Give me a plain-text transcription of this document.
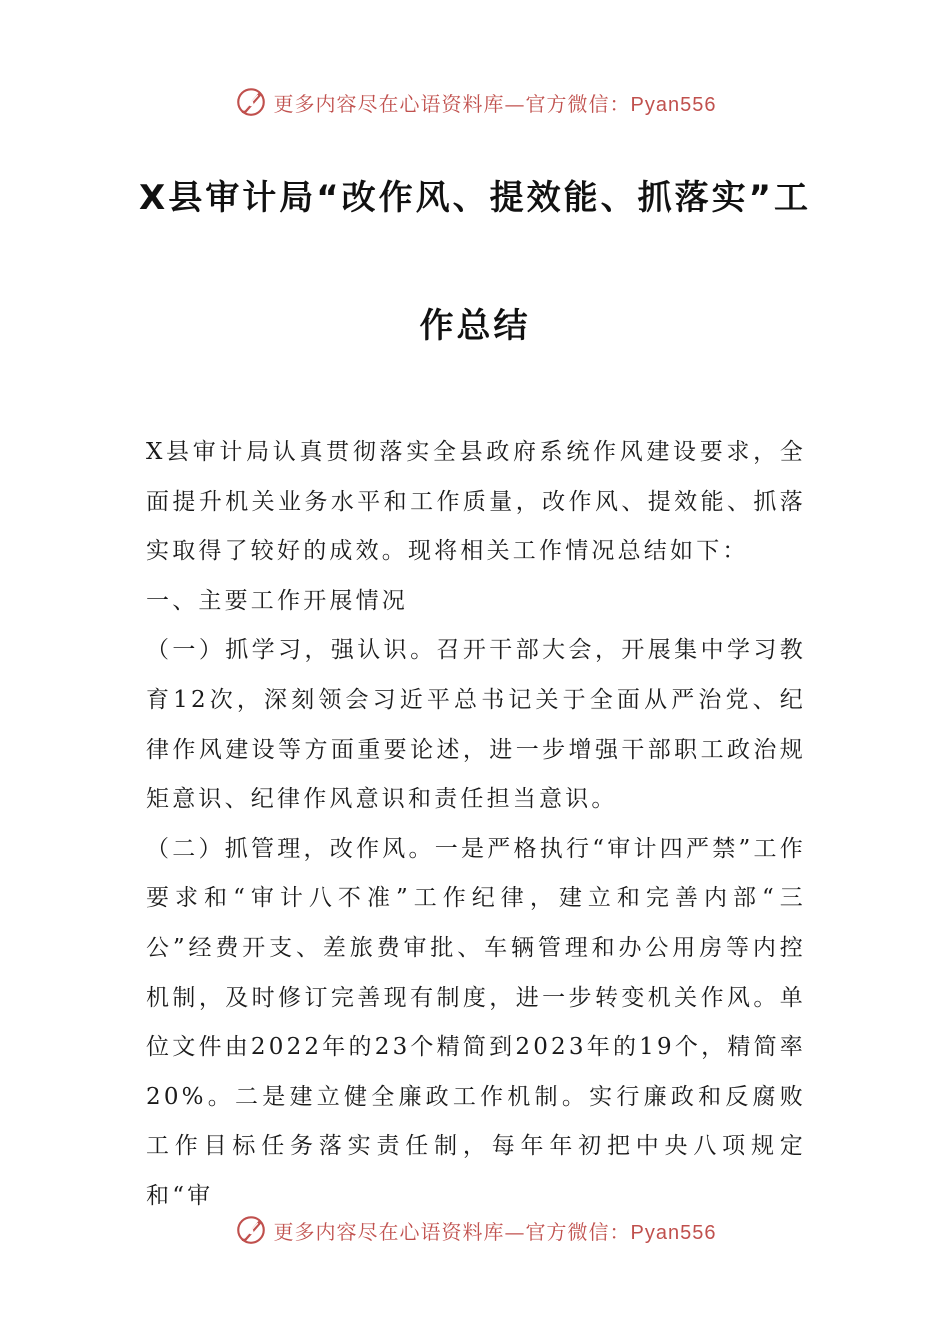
更多内容尽在心语资料库—官方微信：Pyan556
X县审计局“改作风、提效能、抓落实”工
作总结

X县审计局认真贯彻落实全县政府系统作风建设要求，全面提升机关业务水平和工作质量，改作风、提效能、抓落实取得了较好的成效。现将相关工作情况总结如下：

一、主要工作开展情况

（一）抓学习，强认识。召开干部大会，开展集中学习教育12次，深刻领会习近平总书记关于全面从严治党、纪律作风建设等方面重要论述，进一步增强干部职工政治规矩意识、纪律作风意识和责任担当意识。

（二）抓管理，改作风。一是严格执行“审计四严禁”工作要求和“审计八不准”工作纪律，建立和完善内部“三公”经费开支、差旅费审批、车辆管理和办公用房等内控机制，及时修订完善现有制度，进一步转变机关作风。单位文件由2022年的23个精简到2023年的19个，精简率20%。二是建立健全廉政工作机制。实行廉政和反腐败工作目标任务落实责任制，每年年初把中央八项规定和“审

更多内容尽在心语资料库—官方微信：Pyan556
